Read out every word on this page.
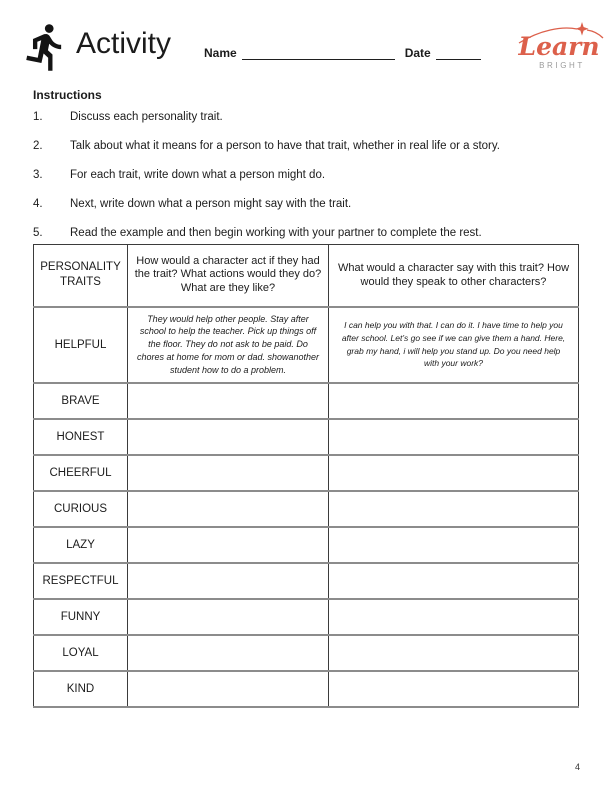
Activity	Name	Date	Learn
BRIGHT
Instructions
1.	Discuss each personality trait.
2.	Talk about what it means for a person to have that trait, whether in real life or a story.
3.	For each trait, write down what a person might do.
4.	Next, write down what a person might say with the trait.
5.	Read the example and then begin working with your partner to complete the rest.
PERSONALITY TRAITS	How would a character act if they had the trait? What actions would they do? What are they like?	What would a character say with this trait? How would they speak to other characters?
HELPFUL	They would help other people. Stay after school to help the teacher. Pick up things off the floor. They do not ask to be paid. Do chores at home for mom or dad. showanother student how to do a problem.	I can help you with that. I can do it. I have time to help you after school. Let’s go see if we can give them a hand. Here, grab my hand, i will help you stand up. Do you need help with your work?
BRAVE		
HONEST		
CHEERFUL		
CURIOUS		
LAZY		
RESPECTFUL		
FUNNY		
LOYAL		
KIND		
4
